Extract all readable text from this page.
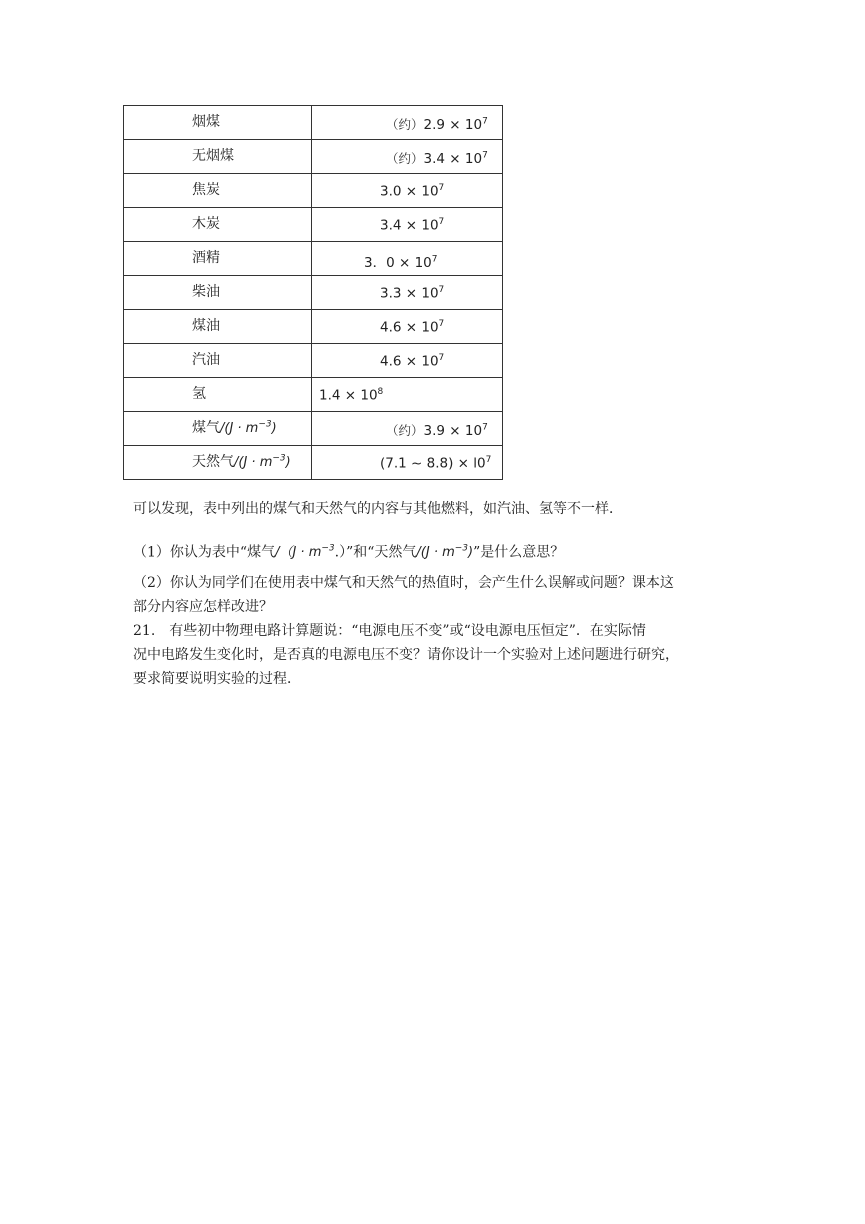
烟煤	（约）$2.9 \times 10^7$

无烟煤	（约）$3.4 \times 10^7$

焦炭	$3.0 \times 10^7$

木炭	$3.4 \times 10^7$

酒精	3．$0 \times 10^7$

柴油	$3.3 \times 10^7$

煤油	$4.6 \times 10^7$

汽油	$4.6 \times 10^7$

氢	$1.4 \times 10^8$

煤气$/(J \cdot m^{-3})$	（约）$3.9 \times 10^7$

天然气$/(J \cdot m^{-3})$	(7.1 ~ $8.8) \times l0^7$
可以发现，表中列出的煤气和天然气的内容与其他燃料，如汽油、氢等不一样．
（1）你认为表中“煤气$/(J \cdot m^{-3}.)$”和“天然气$/(J \cdot m^{-3})$”是什么意思？
（2）你认为同学们在使用表中煤气和天然气的热值时，会产生什么误解或问题？课本这
部分内容应怎样改进？
21.　有些初中物理电路计算题说：“电源电压不变”或“设电源电压恒定”．在实际情
况中电路发生变化时，是否真的电源电压不变？请你设计一个实验对上述问题进行研究，
要求简要说明实验的过程．
